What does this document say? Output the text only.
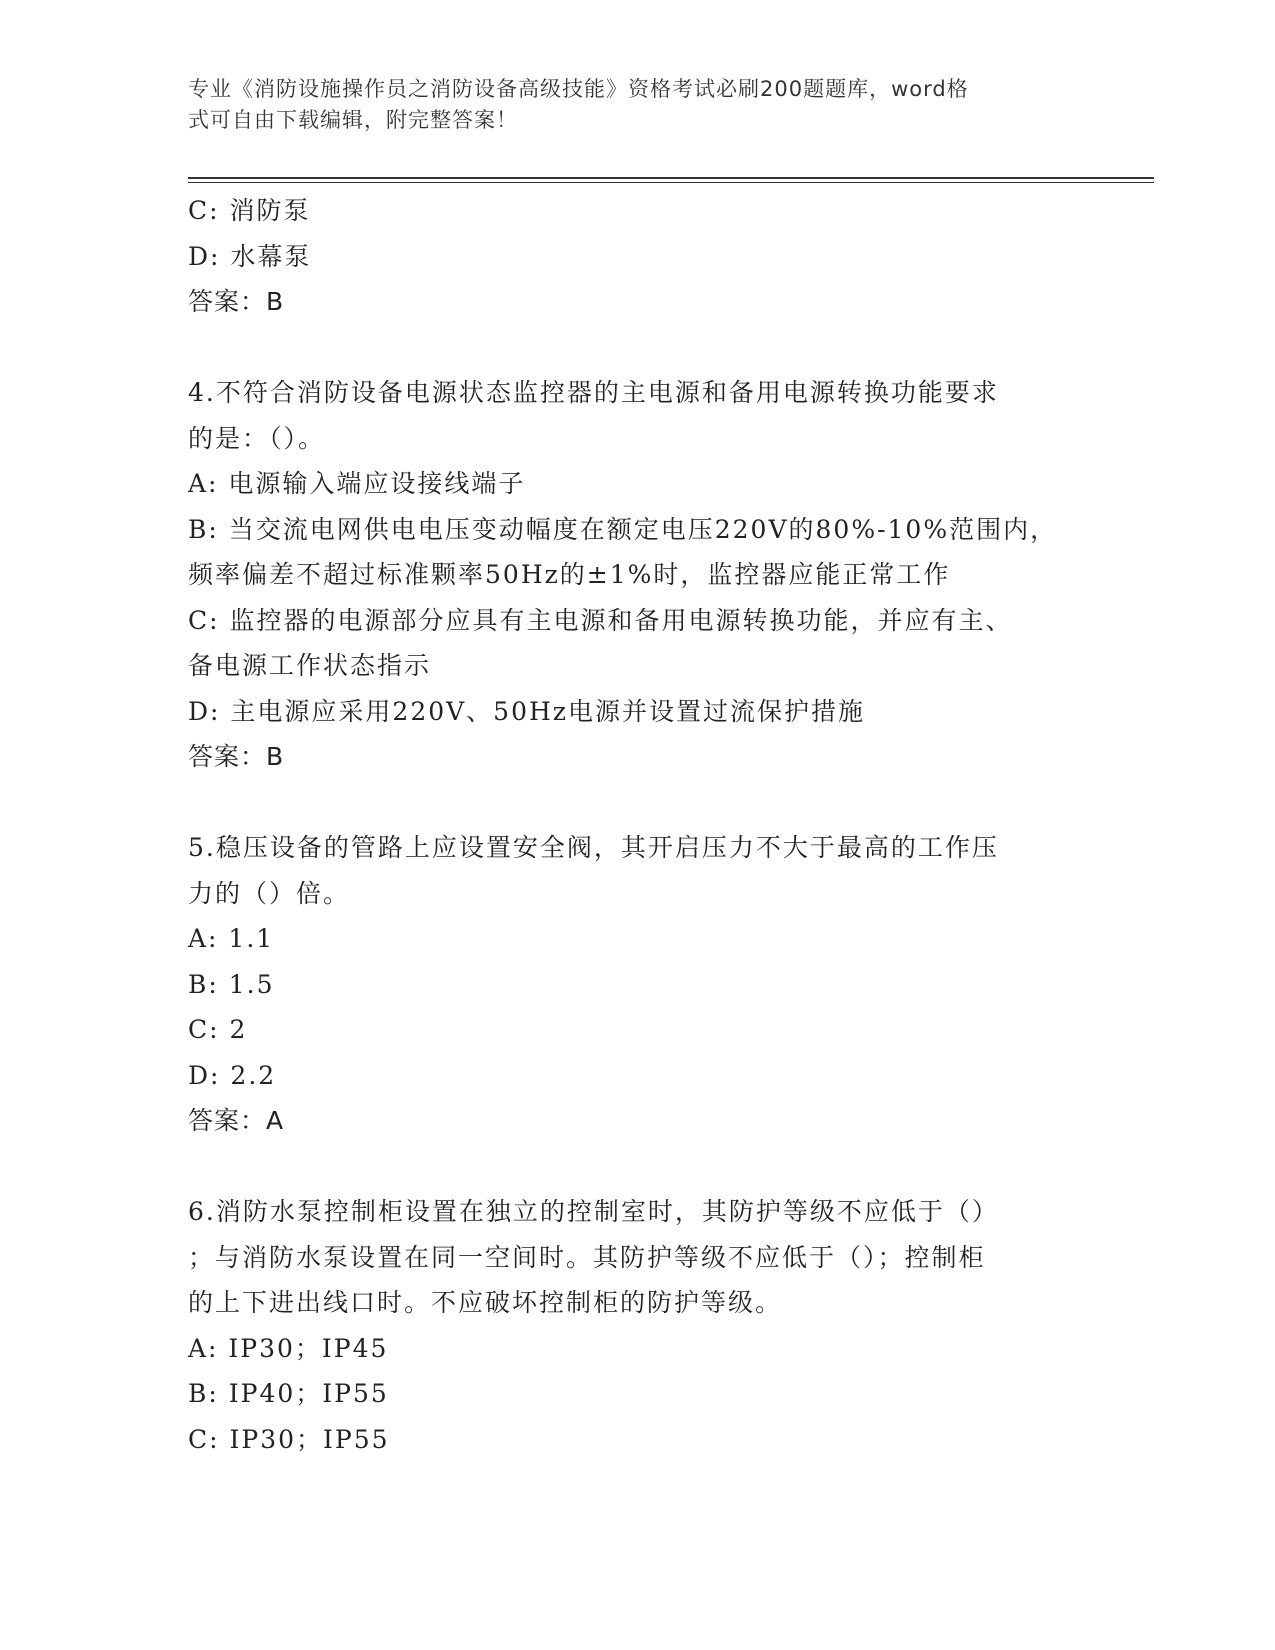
专业《消防设施操作员之消防设备高级技能》资格考试必刷200题题库，word格
式可自由下载编辑，附完整答案！
C: 消防泵
D: 水幕泵
答案：B
4.不符合消防设备电源状态监控器的主电源和备用电源转换功能要求
的是：（）。
A: 电源输入端应设接线端子
B: 当交流电网供电电压变动幅度在额定电压220V的80%-10%范围内，
频率偏差不超过标准颗率50Hz的±1%时，监控器应能正常工作
C: 监控器的电源部分应具有主电源和备用电源转换功能，并应有主、
备电源工作状态指示
D: 主电源应采用220V、50Hz电源并设置过流保护措施
答案：B
5.稳压设备的管路上应设置安全阀，其开启压力不大于最高的工作压
力的（）倍。
A: 1.1
B: 1.5
C: 2
D: 2.2
答案：A
6.消防水泵控制柜设置在独立的控制室时，其防护等级不应低于（）
；与消防水泵设置在同一空间时。其防护等级不应低于（）；控制柜
的上下进出线口时。不应破坏控制柜的防护等级。
A: IP30；IP45
B: IP40；IP55
C: IP30；IP55
